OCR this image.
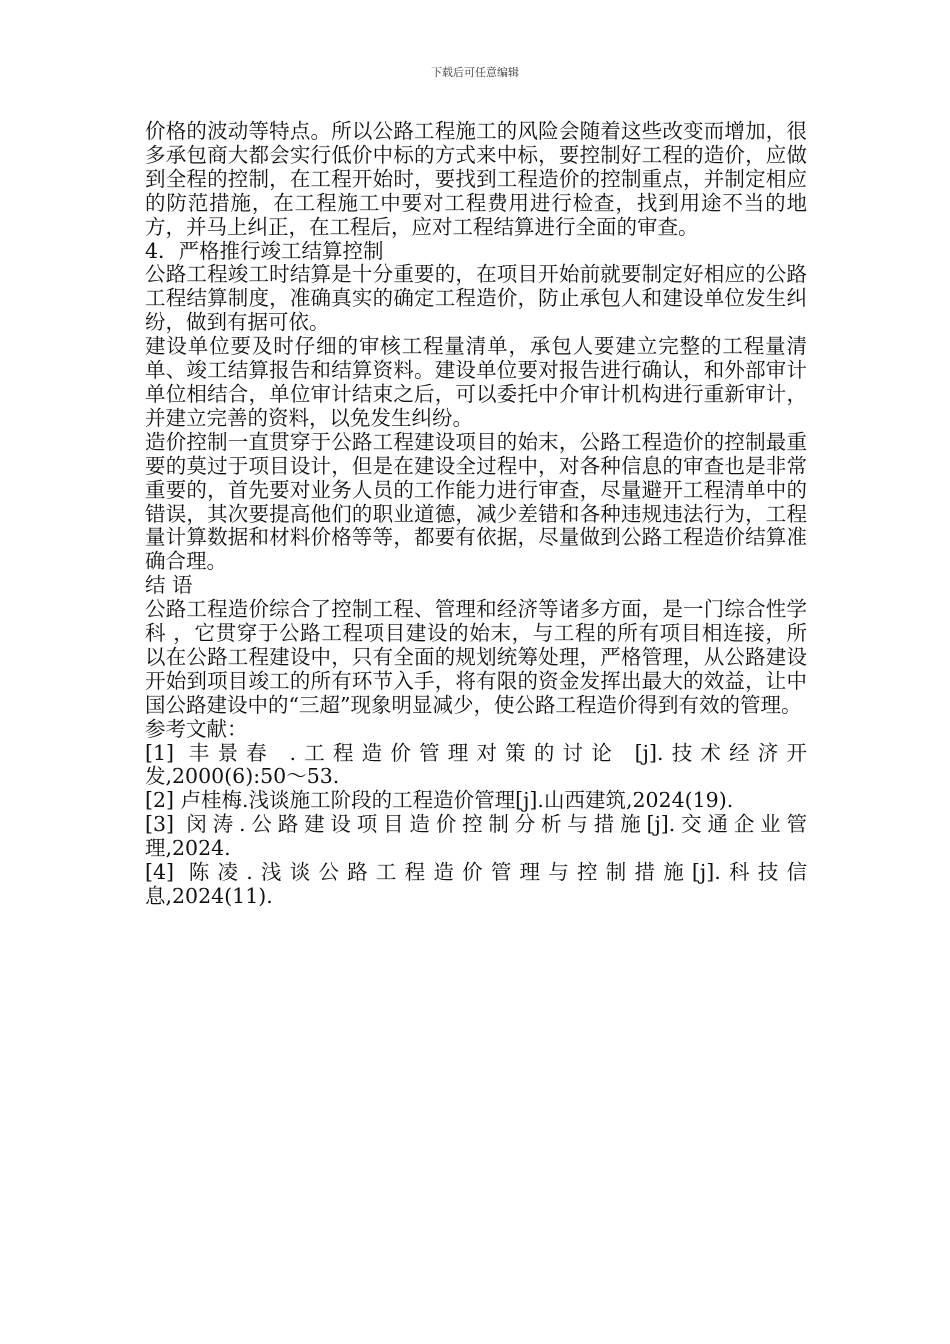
下载后可任意编辑

价格的波动等特点。所以公路工程施工的风险会随着这些改变而增加，很多承包商大都会实行低价中标的方式来中标，要控制好工程的造价，应做到全程的控制，在工程开始时，要找到工程造价的控制重点，并制定相应的防范措施，在工程施工中要对工程费用进行检查，找到用途不当的地方，并马上纠正，在工程后，应对工程结算进行全面的审查。

4．严格推行竣工结算控制

公路工程竣工时结算是十分重要的，在项目开始前就要制定好相应的公路工程结算制度，准确真实的确定工程造价，防止承包人和建设单位发生纠纷，做到有据可依。

建设单位要及时仔细的审核工程量清单，承包人要建立完整的工程量清单、竣工结算报告和结算资料。建设单位要对报告进行确认，和外部审计单位相结合，单位审计结束之后，可以委托中介审计机构进行重新审计，并建立完善的资料，以免发生纠纷。

造价控制一直贯穿于公路工程建设项目的始末，公路工程造价的控制最重要的莫过于项目设计，但是在建设全过程中，对各种信息的审查也是非常重要的，首先要对业务人员的工作能力进行审查，尽量避开工程清单中的错误，其次要提高他们的职业道德，减少差错和各种违规违法行为，工程量计算数据和材料价格等等，都要有依据，尽量做到公路工程造价结算准确合理。

结 语

公路工程造价综合了控制工程、管理和经济等诸多方面，是一门综合性学科 ，它贯穿于公路工程项目建设的始末，与工程的所有项目相连接，所以在公路工程建设中，只有全面的规划统筹处理，严格管理，从公路建设开始到项目竣工的所有环节入手，将有限的资金发挥出最大的效益，让中国公路建设中的“三超”现象明显减少，使公路工程造价得到有效的管理。

参考文献：

[1] 丰景春 .工程造价管理对策的讨论 [j].技术经济开
发,2000(6):50～53.
[2] 卢桂梅.浅谈施工阶段的工程造价管理[j].山西建筑,2024(19).
[3] 闵涛.公路建设项目造价控制分析与措施[j].交通企业管
理,2024.
[4] 陈凌.浅谈公路工程造价管理与控制措施[j].科技信
息,2024(11).
